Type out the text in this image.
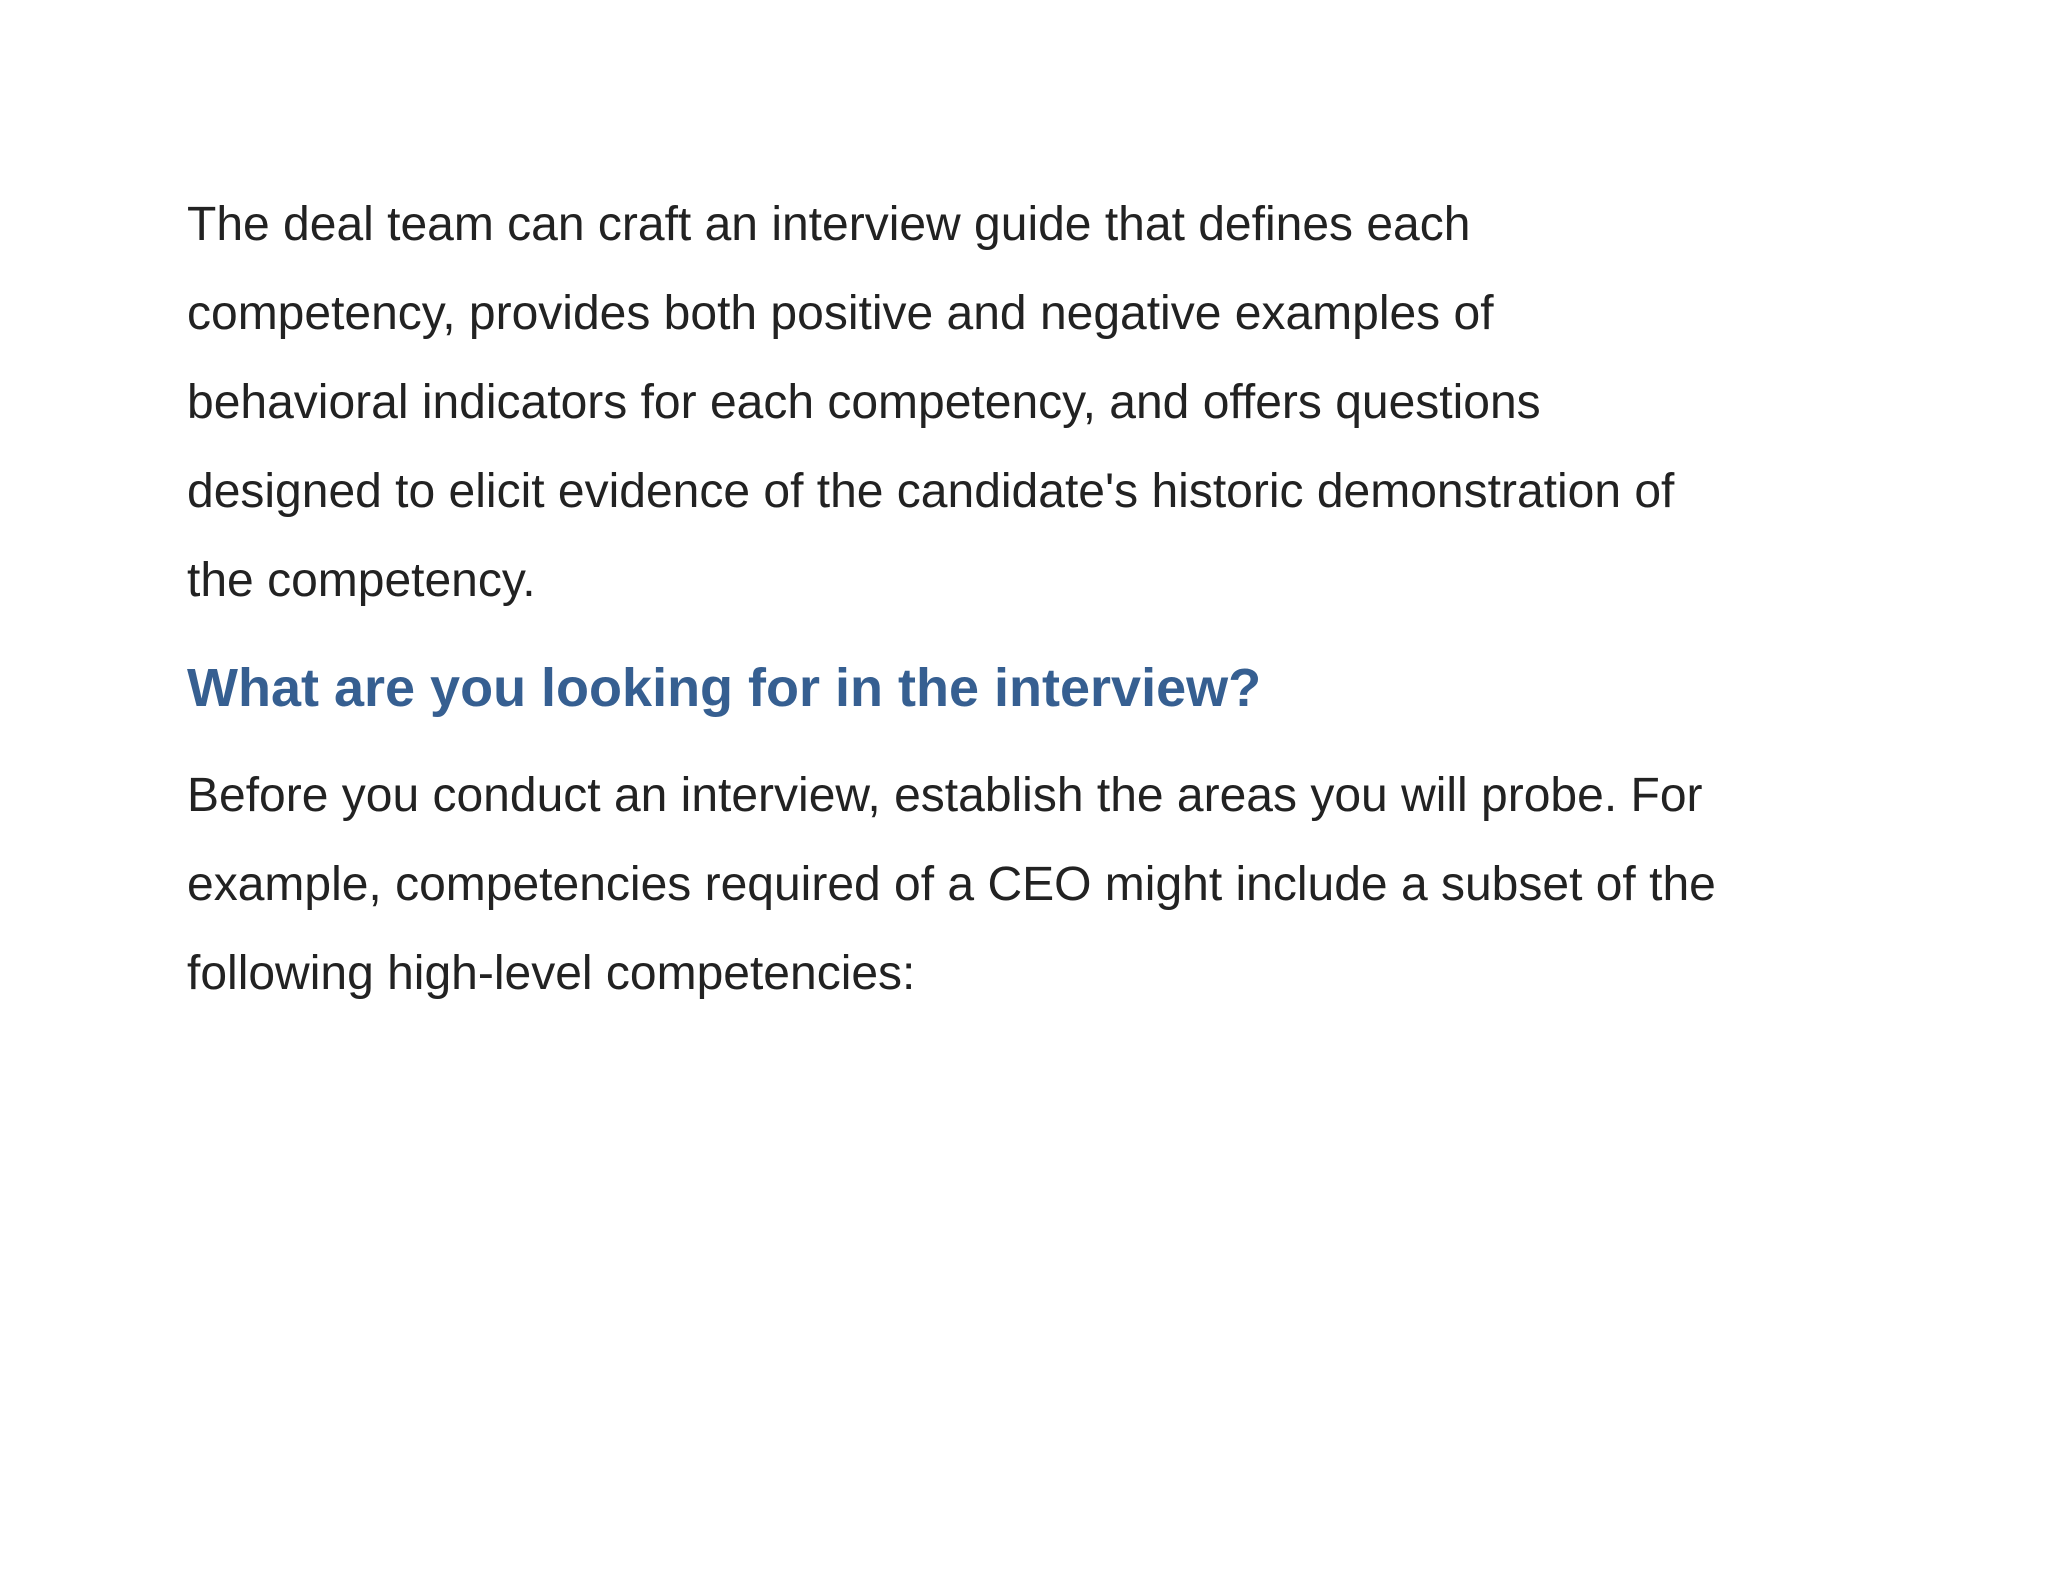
The deal team can craft an interview guide that defines each
competency, provides both positive and negative examples of
behavioral indicators for each competency, and offers questions
designed to elicit evidence of the candidate's historic demonstration of
the competency.

What are you looking for in the interview?

Before you conduct an interview, establish the areas you will probe. For
example, competencies required of a CEO might include a subset of the
following high-level competencies:
